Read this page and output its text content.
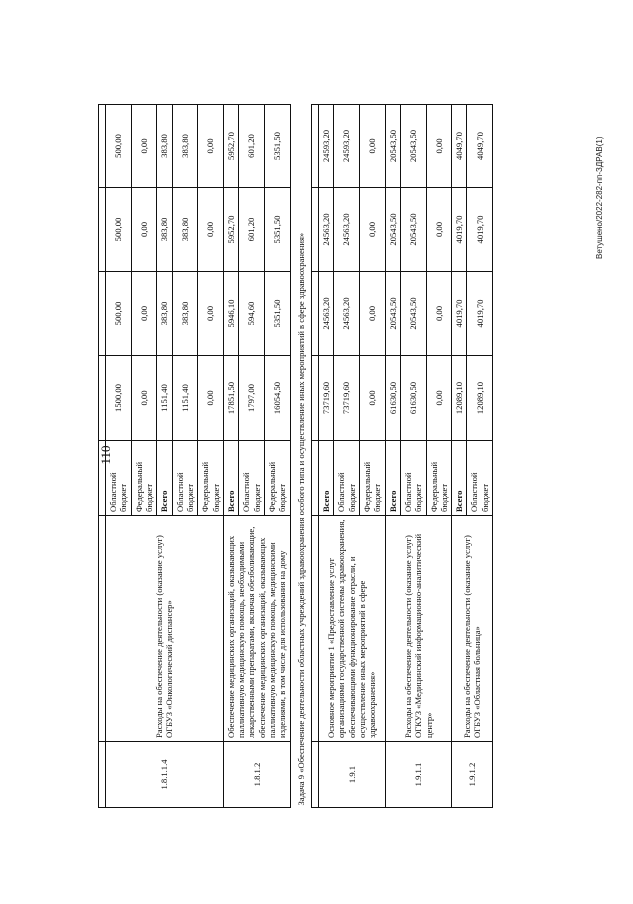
110
Ветушено/2022-282-пп-ЗДРАВ(1)

1.8.1.1.4	Расходы на обеспечение деятельности (оказание услуг) ОГБУЗ «Онкологический диспансер»	Областной бюджет	1500,00	500,00	500,00	500,00
		Федеральный бюджет	0,00	0,00	0,00	0,00
		Всего	1151,40	383,80	383,80	383,80
		Областной бюджет	1151,40	383,80	383,80	383,80
		Федеральный бюджет	0,00	0,00	0,00	0,00
1.8.1.2	Обеспечение медицинских организаций, оказывающих паллиативную медицинскую помощь, необходимыми лекарственными препаратами, включая обезболивающие, обеспечение медицинских организаций, оказывающих паллиативную медицинскую помощь, медицинскими изделиями, в том числе для использования на дому	Всего	17851,50	5946,10	5952,70	5952,70
		Областной бюджет	1797,00	594,60	601,20	601,20
		Федеральный бюджет	16054,50	5351,50	5351,50	5351,50

Задача 9 «Обеспечение деятельности областных учреждений здравоохранения особого типа и осуществление иных мероприятий в сфере здравоохранения»						

1.9.1	Основное мероприятие 1 «Предоставление услуг организациями государственной системы здравоохранения, обеспечивающими функционирование отрасли, и осуществление иных мероприятий в сфере здравоохранения»	Всего	73719,60	24563,20	24563,20	24593,20
		Областной бюджет	73719,60	24563,20	24563,20	24593,20
		Федеральный бюджет	0,00	0,00	0,00	0,00
1.9.1.1	Расходы на обеспечение деятельности (оказание услуг) ОГКУЗ «Медицинский информационно-аналитический центр»	Всего	61630,50	20543,50	20543,50	20543,50
		Областной бюджет	61630,50	20543,50	20543,50	20543,50
		Федеральный бюджет	0,00	0,00	0,00	0,00
1.9.1.2	Расходы на обеспечение деятельности (оказание услуг) ОГБУЗ «Областная больница»	Всего	12089,10	4019,70	4019,70	4049,70
		Областной бюджет	12089,10	4019,70	4019,70	4049,70
